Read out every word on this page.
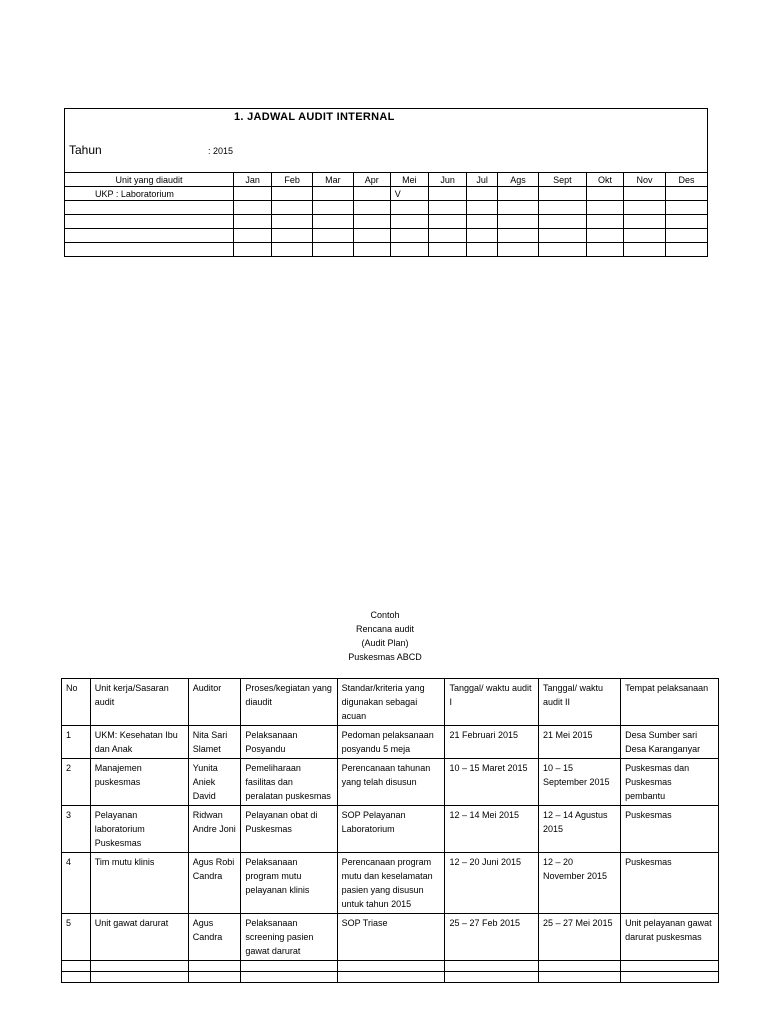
1. JADWAL AUDIT INTERNAL
Tahun	: 2015
Unit yang diaudit	Jan	Feb	Mar	Apr	Mei	Jun	Jul	Ags	Sept	Okt	Nov	Des
UKP : Laboratorium					V							

Contoh
Rencana audit
(Audit Plan)
Puskesmas ABCD
No	Unit kerja/Sasaran audit	Auditor	Proses/kegiatan yang diaudit	Standar/kriteria yang digunakan sebagai acuan	Tanggal/ waktu audit I	Tanggal/ waktu audit II	Tempat pelaksanaan
1	UKM: Kesehatan Ibu dan Anak	Nita Sari Slamet	Pelaksanaan Posyandu	Pedoman pelaksanaan posyandu 5 meja	21 Februari 2015	21 Mei 2015	Desa Sumber sari Desa Karanganyar
2	Manajemen puskesmas	Yunita Aniek David	Pemeliharaan fasilitas dan peralatan puskesmas	Perencanaan tahunan yang telah disusun	10 – 15 Maret 2015	10 – 15 September 2015	Puskesmas dan Puskesmas pembantu
3	Pelayanan laboratorium Puskesmas	Ridwan Andre Joni	Pelayanan obat di Puskesmas	SOP Pelayanan Laboratorium	12 – 14 Mei 2015	12 – 14 Agustus 2015	Puskesmas
4	Tim mutu klinis	Agus Robi Candra	Pelaksanaan program mutu pelayanan klinis	Perencanaan program mutu dan keselamatan pasien yang disusun untuk tahun 2015	12 – 20 Juni 2015	12 – 20 November 2015	Puskesmas
5	Unit gawat darurat	Agus Candra	Pelaksanaan screening pasien gawat darurat	SOP Triase	25 – 27 Feb 2015	25 – 27 Mei 2015	Unit pelayanan gawat darurat puskesmas
